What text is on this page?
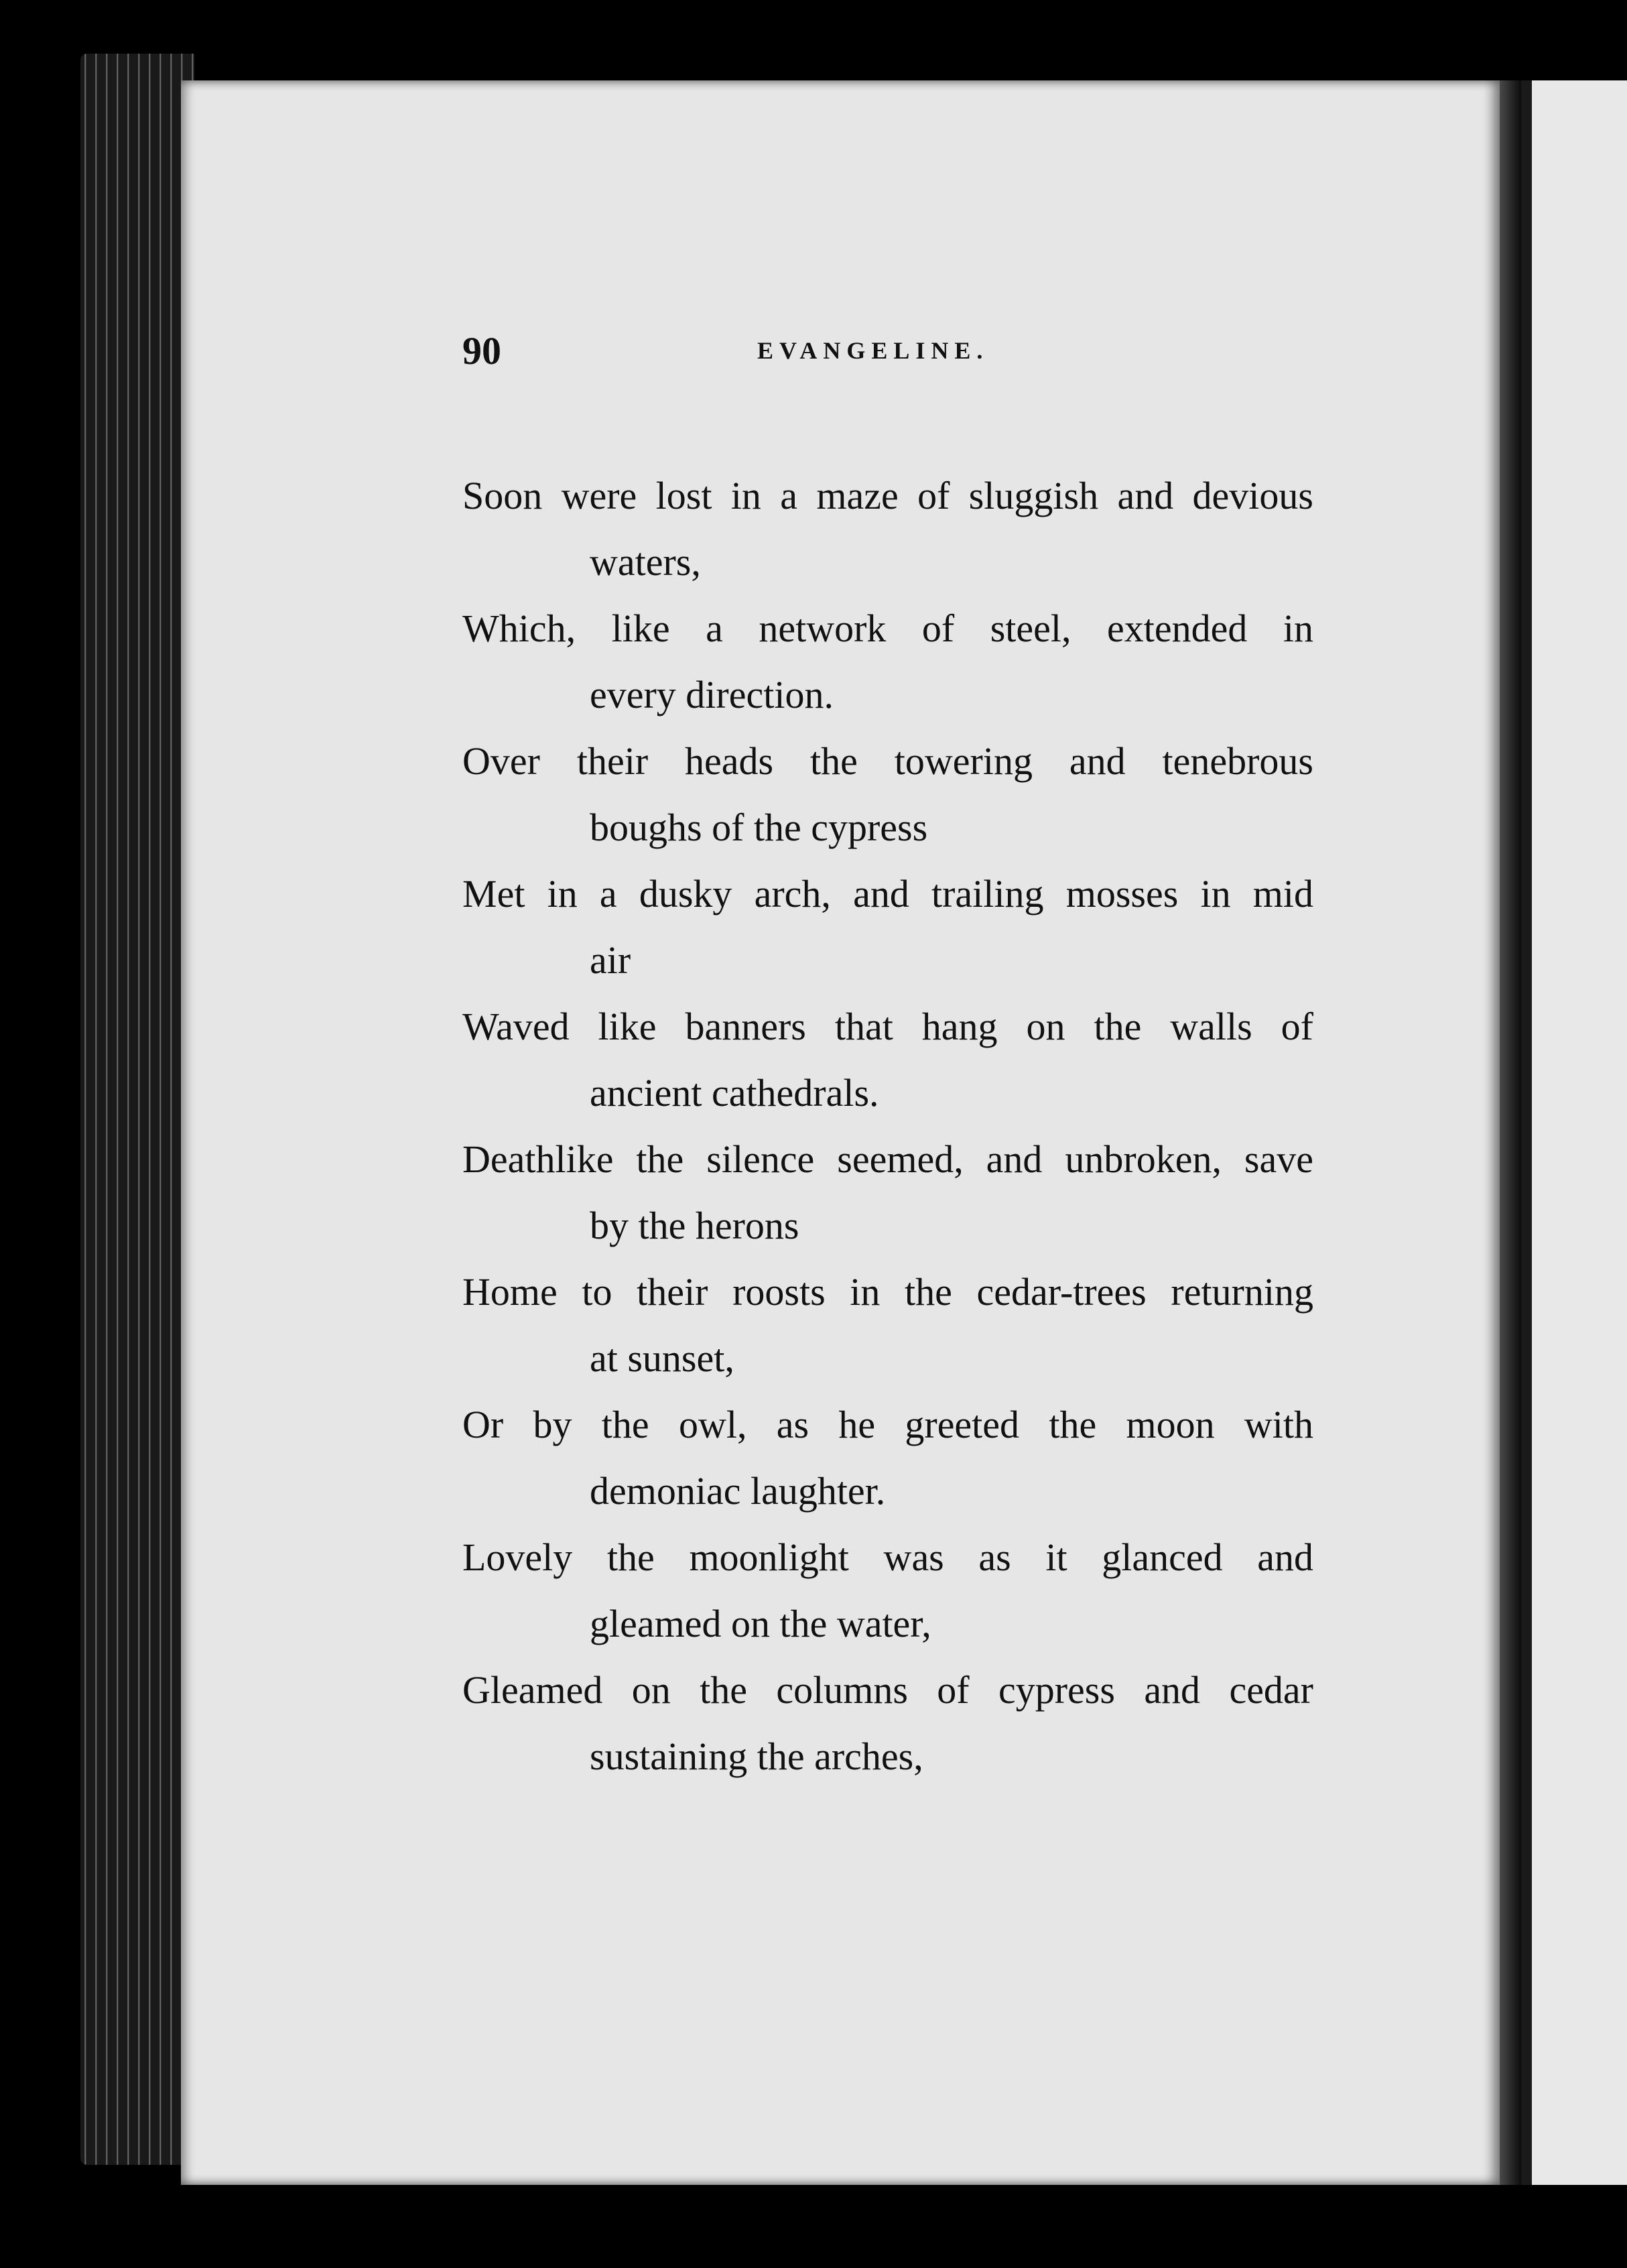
90	EVANGELINE.
Soon were lost in a maze of sluggish and devious
waters,
Which, like a network of steel, extended in
every direction.
Over their heads the towering and tenebrous
boughs of the cypress
Met in a dusky arch, and trailing mosses in mid
air
Waved like banners that hang on the walls of
ancient cathedrals.
Deathlike the silence seemed, and unbroken, save
by the herons
Home to their roosts in the cedar-trees returning
at sunset,
Or by the owl, as he greeted the moon with
demoniac laughter.
Lovely the moonlight was as it glanced and
gleamed on the water,
Gleamed on the columns of cypress and cedar
sustaining the arches,
